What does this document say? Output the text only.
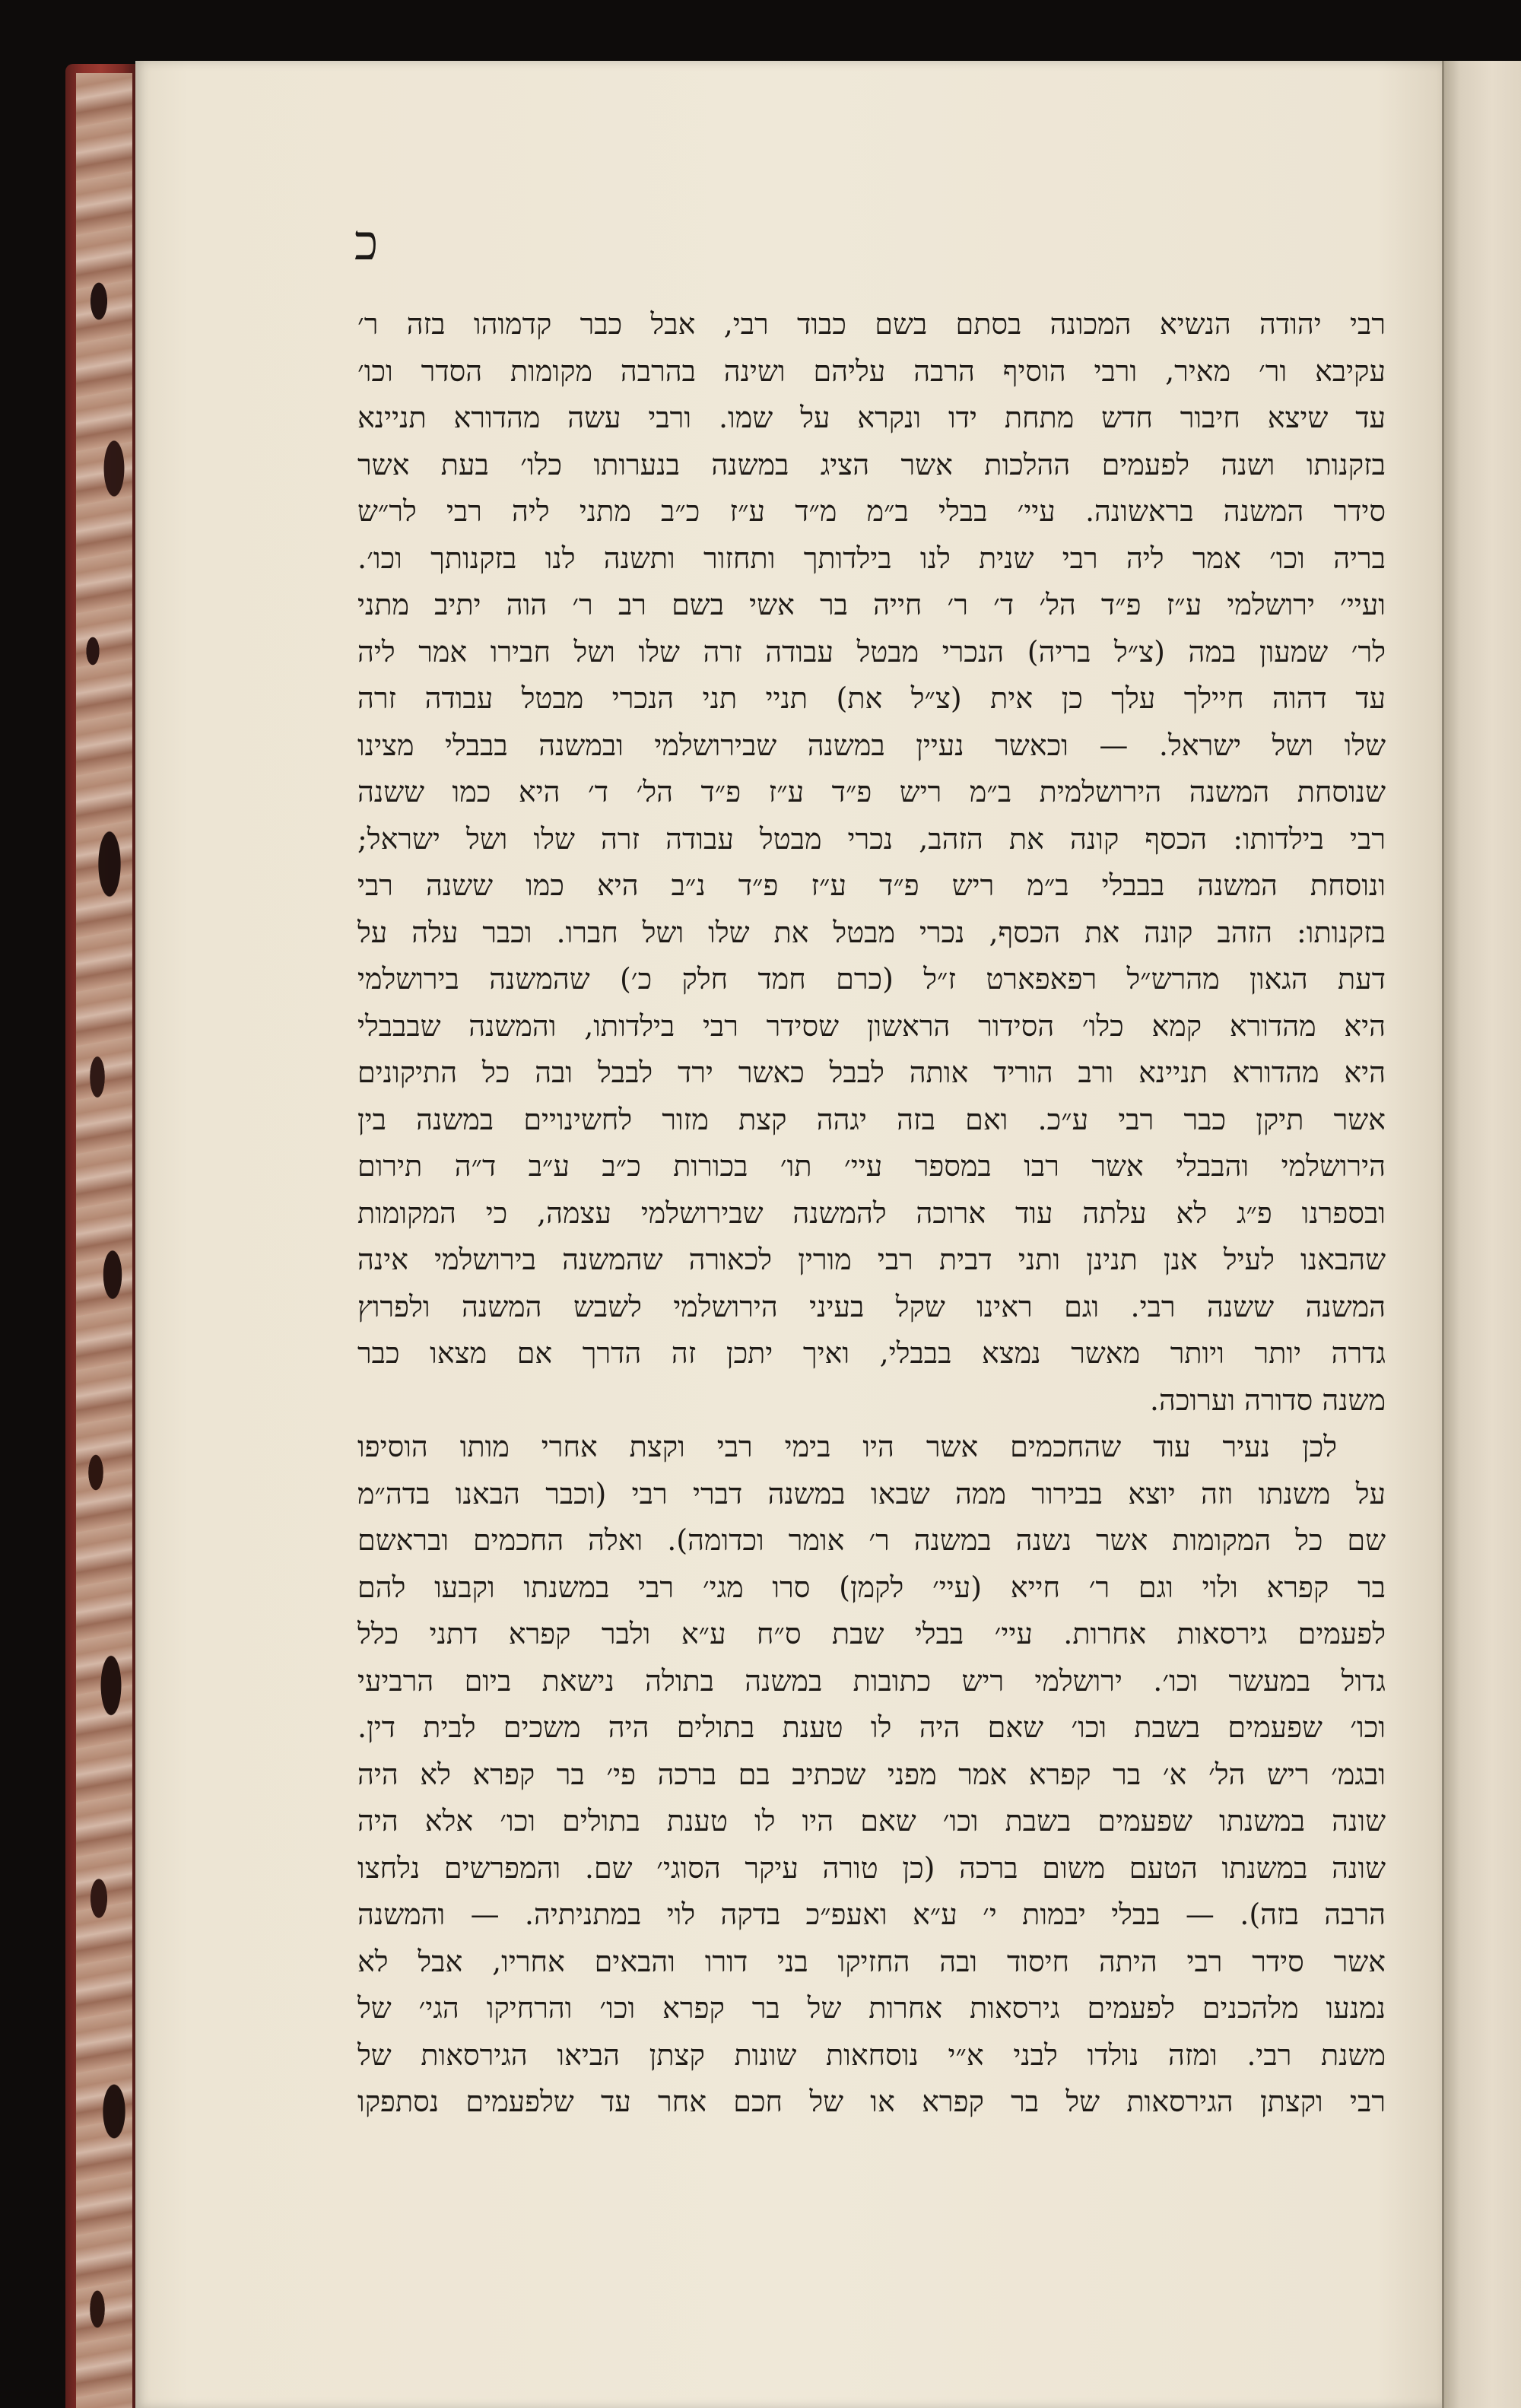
כ
רבי יהודה הנשיא המכונה בסתם בשם כבוד רבי, אבל כבר קדמוהו בזה ר׳
עקיבא ור׳ מאיר, ורבי הוסיף הרבה עליהם ושינה בהרבה מקומות הסדר וכו׳
עד שיצא חיבור חדש מתחת ידו ונקרא על שמו. ורבי עשה מהדורא תניינא
בזקנותו ושנה לפעמים ההלכות אשר הציג במשנה בנערותו כלו׳ בעת אשר
סידר המשנה בראשונה. עיי׳ בבלי ב״מ מ״ד ע״ז כ״ב מתני ליה רבי לר״ש
בריה וכו׳ אמר ליה רבי שנית לנו בילדותך ותחזור ותשנה לנו בזקנותך וכו׳.
ועיי׳ ירושלמי ע״ז פ״ד הל׳ ד׳ ר׳ חייה בר אשי בשם רב ר׳ הוה יתיב מתני
לר׳ שמעון במה (צ״ל בריה) הנכרי מבטל עבודה זרה שלו ושל חבירו אמר ליה
עד דהוה חיילך עלך כן אית (צ״ל את) תניי תני הנכרי מבטל עבודה זרה
שלו ושל ישראל. — וכאשר נעיין במשנה שבירושלמי ובמשנה בבבלי מצינו
שנוסחת המשנה הירושלמית ב״מ ריש פ״ד ע״ז פ״ד הל׳ ד׳ היא כמו ששנה
רבי בילדותו: הכסף קונה את הזהב, נכרי מבטל עבודה זרה שלו ושל ישראל;
ונוסחת המשנה בבבלי ב״מ ריש פ״ד ע״ז פ״ד נ״ב היא כמו ששנה רבי
בזקנותו: הזהב קונה את הכסף, נכרי מבטל את שלו ושל חברו. וכבר עלה על
דעת הגאון מהרש״ל רפאפארט ז״ל (כרם חמד חלק כ׳) שהמשנה בירושלמי
היא מהדורא קמא כלו׳ הסידור הראשון שסידר רבי בילדותו, והמשנה שבבבלי
היא מהדורא תניינא ורב הוריד אותה לבבל כאשר ירד לבבל ובה כל התיקונים
אשר תיקן כבר רבי ע״כ. ואם בזה יגהה קצת מזור לחשינויים במשנה בין
הירושלמי והבבלי אשר רבו במספר עיי׳ תו׳ בכורות כ״ב ע״ב ד״ה תירום
ובספרנו פ״ג לא עלתה עוד ארוכה להמשנה שבירושלמי עצמה, כי המקומות
שהבאנו לעיל אנן תנינן ותני דבית רבי מורין לכאורה שהמשנה בירושלמי אינה
המשנה ששנה רבי. וגם ראינו שקל בעיני הירושלמי לשבש המשנה ולפרוץ
גדרה יותר ויותר מאשר נמצא בבבלי, ואיך יתכן זה הדרך אם מצאו כבר
משנה סדורה וערוכה.
לכן נעיר עוד שהחכמים אשר היו בימי רבי וקצת אחרי מותו הוסיפו
על משנתו וזה יוצא בבירור ממה שבאו במשנה דברי רבי (וכבר הבאנו בדה״מ
שם כל המקומות אשר נשנה במשנה ר׳ אומר וכדומה). ואלה החכמים ובראשם
בר קפרא ולוי וגם ר׳ חייא (עיי׳ לקמן) סרו מגי׳ רבי במשנתו וקבעו להם
לפעמים גירסאות אחרות. עיי׳ בבלי שבת ס״ח ע״א ולבר קפרא דתני כלל
גדול במעשר וכו׳. ירושלמי ריש כתובות במשנה בתולה נישאת ביום הרביעי
וכו׳ שפעמים בשבת וכו׳ שאם היה לו טענת בתולים היה משכים לבית דין.
ובגמ׳ ריש הל׳ א׳ בר קפרא אמר מפני שכתיב בם ברכה פי׳ בר קפרא לא היה
שונה במשנתו שפעמים בשבת וכו׳ שאם היו לו טענת בתולים וכו׳ אלא היה
שונה במשנתו הטעם משום ברכה (כן טורה עיקר הסוגי׳ שם. והמפרשים נלחצו
הרבה בזה). — בבלי יבמות י׳ ע״א ואעפ״כ בדקה לוי במתניתיה. — והמשנה
אשר סידר רבי היתה חיסוד ובה החזיקו בני דורו והבאים אחריו, אבל לא
נמנעו מלהכנים לפעמים גירסאות אחרות של בר קפרא וכו׳ והרחיקו הגי׳ של
משנת רבי. ומזה נולדו לבני א״י נוסחאות שונות קצתן הביאו הגירסאות של
רבי וקצתן הגירסאות של בר קפרא או של חכם אחר עד שלפעמים נסתפקו
